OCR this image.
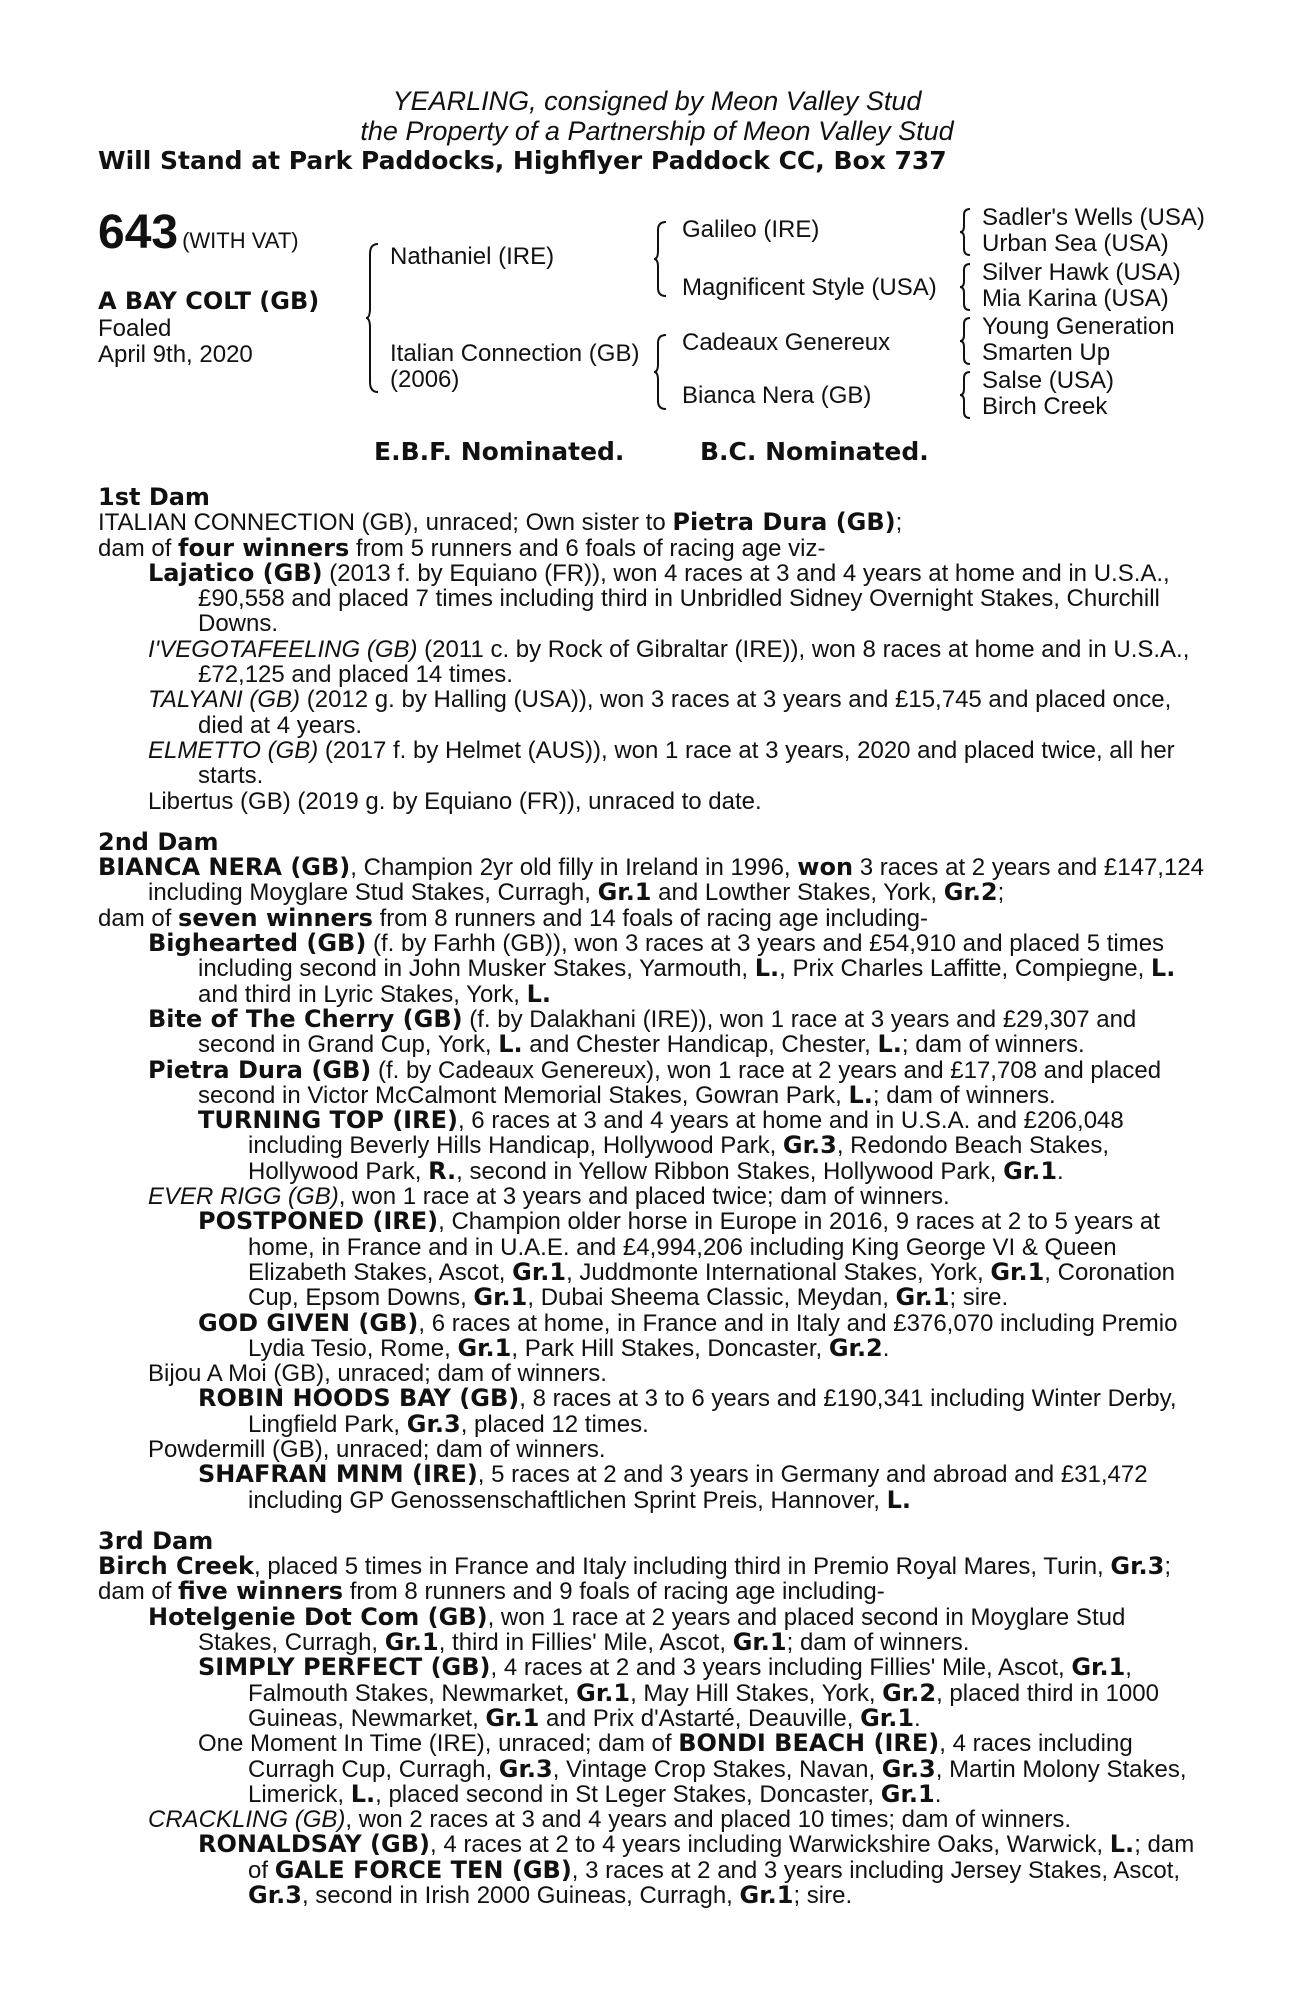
YEARLING, consigned by Meon Valley Stud
the Property of a Partnership of Meon Valley Stud
Will Stand at Park Paddocks, Highflyer Paddock CC, Box 737
643 (WITH VAT)
A BAY COLT (GB)
Foaled
April 9th, 2020
Nathaniel (IRE)
Italian Connection (GB)
(2006)
Galileo (IRE)
Magnificent Style (USA)
Cadeaux Genereux
Bianca Nera (GB)
Sadler's Wells (USA)
Urban Sea (USA)
Silver Hawk (USA)
Mia Karina (USA)
Young Generation
Smarten Up
Salse (USA)
Birch Creek
E.B.F. Nominated.	B.C. Nominated.
1st Dam
ITALIAN CONNECTION (GB), unraced; Own sister to Pietra Dura (GB);
dam of four winners from 5 runners and 6 foals of racing age viz-
Lajatico (GB) (2013 f. by Equiano (FR)), won 4 races at 3 and 4 years at home and in U.S.A., £90,558 and placed 7 times including third in Unbridled Sidney Overnight Stakes, Churchill Downs.
I'VEGOTAFEELING (GB) (2011 c. by Rock of Gibraltar (IRE)), won 8 races at home and in U.S.A., £72,125 and placed 14 times.
TALYANI (GB) (2012 g. by Halling (USA)), won 3 races at 3 years and £15,745 and placed once, died at 4 years.
ELMETTO (GB) (2017 f. by Helmet (AUS)), won 1 race at 3 years, 2020 and placed twice, all her starts.
Libertus (GB) (2019 g. by Equiano (FR)), unraced to date.
2nd Dam
BIANCA NERA (GB), Champion 2yr old filly in Ireland in 1996, won 3 races at 2 years and £147,124 including Moyglare Stud Stakes, Curragh, Gr.1 and Lowther Stakes, York, Gr.2;
dam of seven winners from 8 runners and 14 foals of racing age including-
Bighearted (GB) (f. by Farhh (GB)), won 3 races at 3 years and £54,910 and placed 5 times including second in John Musker Stakes, Yarmouth, L., Prix Charles Laffitte, Compiegne, L. and third in Lyric Stakes, York, L.
Bite of The Cherry (GB) (f. by Dalakhani (IRE)), won 1 race at 3 years and £29,307 and second in Grand Cup, York, L. and Chester Handicap, Chester, L.; dam of winners.
Pietra Dura (GB) (f. by Cadeaux Genereux), won 1 race at 2 years and £17,708 and placed second in Victor McCalmont Memorial Stakes, Gowran Park, L.; dam of winners.
TURNING TOP (IRE), 6 races at 3 and 4 years at home and in U.S.A. and £206,048 including Beverly Hills Handicap, Hollywood Park, Gr.3, Redondo Beach Stakes, Hollywood Park, R., second in Yellow Ribbon Stakes, Hollywood Park, Gr.1.
EVER RIGG (GB), won 1 race at 3 years and placed twice; dam of winners.
POSTPONED (IRE), Champion older horse in Europe in 2016, 9 races at 2 to 5 years at home, in France and in U.A.E. and £4,994,206 including King George VI & Queen Elizabeth Stakes, Ascot, Gr.1, Juddmonte International Stakes, York, Gr.1, Coronation Cup, Epsom Downs, Gr.1, Dubai Sheema Classic, Meydan, Gr.1; sire.
GOD GIVEN (GB), 6 races at home, in France and in Italy and £376,070 including Premio Lydia Tesio, Rome, Gr.1, Park Hill Stakes, Doncaster, Gr.2.
Bijou A Moi (GB), unraced; dam of winners.
ROBIN HOODS BAY (GB), 8 races at 3 to 6 years and £190,341 including Winter Derby, Lingfield Park, Gr.3, placed 12 times.
Powdermill (GB), unraced; dam of winners.
SHAFRAN MNM (IRE), 5 races at 2 and 3 years in Germany and abroad and £31,472 including GP Genossenschaftlichen Sprint Preis, Hannover, L.
3rd Dam
Birch Creek, placed 5 times in France and Italy including third in Premio Royal Mares, Turin, Gr.3;
dam of five winners from 8 runners and 9 foals of racing age including-
Hotelgenie Dot Com (GB), won 1 race at 2 years and placed second in Moyglare Stud Stakes, Curragh, Gr.1, third in Fillies' Mile, Ascot, Gr.1; dam of winners.
SIMPLY PERFECT (GB), 4 races at 2 and 3 years including Fillies' Mile, Ascot, Gr.1, Falmouth Stakes, Newmarket, Gr.1, May Hill Stakes, York, Gr.2, placed third in 1000 Guineas, Newmarket, Gr.1 and Prix d'Astarté, Deauville, Gr.1.
One Moment In Time (IRE), unraced; dam of BONDI BEACH (IRE), 4 races including Curragh Cup, Curragh, Gr.3, Vintage Crop Stakes, Navan, Gr.3, Martin Molony Stakes, Limerick, L., placed second in St Leger Stakes, Doncaster, Gr.1.
CRACKLING (GB), won 2 races at 3 and 4 years and placed 10 times; dam of winners.
RONALDSAY (GB), 4 races at 2 to 4 years including Warwickshire Oaks, Warwick, L.; dam of GALE FORCE TEN (GB), 3 races at 2 and 3 years including Jersey Stakes, Ascot, Gr.3, second in Irish 2000 Guineas, Curragh, Gr.1; sire.
